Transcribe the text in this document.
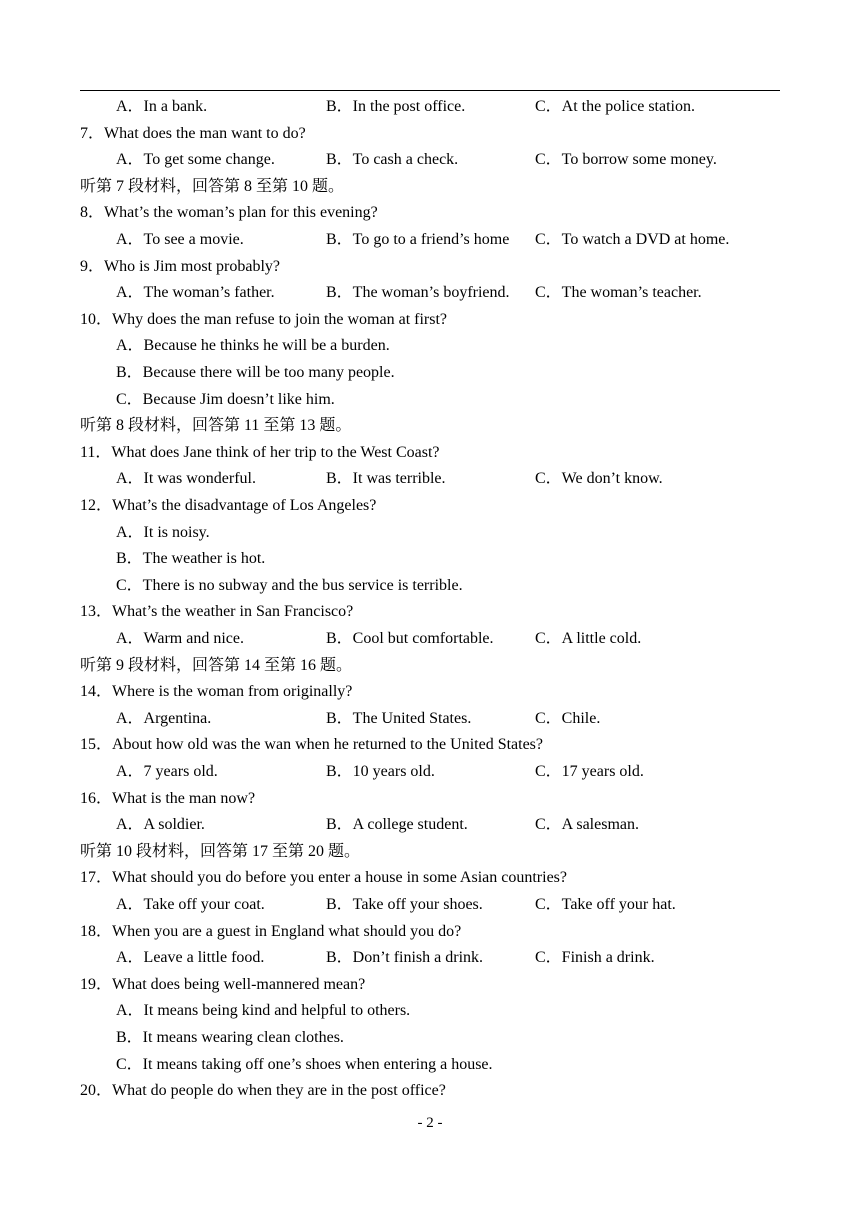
A．In a bank.	B．In the post office.	C．At the police station.
7．What does the man want to do?
A．To get some change.	B．To cash a check.	C．To borrow some money.
听第 7 段材料，回答第 8 至第 10 题。
8．What’s the woman’s plan for this evening?
A．To see a movie.	B．To go to a friend’s home C．To watch a DVD at home.
9．Who is Jim most probably?
A．The woman’s father.	B．The woman’s boyfriend. C．The woman’s teacher.
10．Why does the man refuse to join the woman at first?
A．Because he thinks he will be a burden.
B．Because there will be too many people.
C．Because Jim doesn’t like him.
听第 8 段材料，回答第 11 至第 13 题。
11．What does Jane think of her trip to the West Coast?
A．It was wonderful.	B．It was terrible.	C．We don’t know.
12．What’s the disadvantage of Los Angeles?
A．It is noisy.
B．The weather is hot.
C．There is no subway and the bus service is terrible.
13．What’s the weather in San Francisco?
A．Warm and nice.	B．Cool but comfortable.	C．A little cold.
听第 9 段材料，回答第 14 至第 16 题。
14．Where is the woman from originally?
A．Argentina.	B．The United States.	C．Chile.
15．About how old was the wan when he returned to the United States?
A．7 years old.	B．10 years old.	C．17 years old.
16．What is the man now?
A．A soldier.	B．A college student.	C．A salesman.
听第 10 段材料，回答第 17 至第 20 题。
17．What should you do before you enter a house in some Asian countries?
A．Take off your coat.	B．Take off your shoes.	C．Take off your hat.
18．When you are a guest in England what should you do?
A．Leave a little food.	B．Don’t finish a drink.	C．Finish a drink.
19．What does being well-mannered mean?
A．It means being kind and helpful to others.
B．It means wearing clean clothes.
C．It means taking off one’s shoes when entering a house.
20．What do people do when they are in the post office?
- 2 -
